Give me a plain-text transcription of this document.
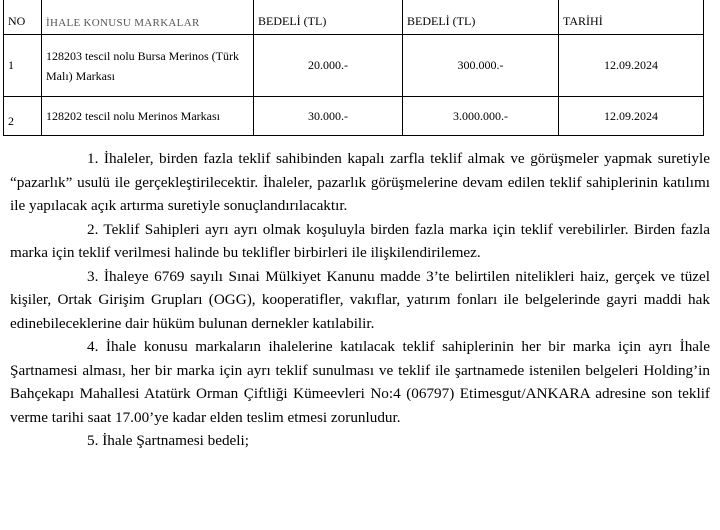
NO	İHALE KONUSU MARKALAR	BEDELİ (TL)	BEDELİ (TL)	TARİHİ
1	128203 tescil nolu Bursa Merinos (Türk Malı) Markası	20.000.-	300.000.-	12.09.2024
2	128202 tescil nolu Merinos Markası	30.000.-	3.000.000.-	12.09.2024

1. İhaleler, birden fazla teklif sahibinden kapalı zarfla teklif almak ve görüşmeler yapmak suretiyle “pazarlık” usulü ile gerçekleştirilecektir. İhaleler, pazarlık görüşmelerine devam edilen teklif sahiplerinin katılımı ile yapılacak açık artırma suretiyle sonuçlandırılacaktır.

2. Teklif Sahipleri ayrı ayrı olmak koşuluyla birden fazla marka için teklif verebilirler. Birden fazla marka için teklif verilmesi halinde bu teklifler birbirleri ile ilişkilendirilemez.

3. İhaleye 6769 sayılı Sınai Mülkiyet Kanunu madde 3’te belirtilen nitelikleri haiz, gerçek ve tüzel kişiler, Ortak Girişim Grupları (OGG), kooperatifler, vakıflar, yatırım fonları ile belgelerinde gayri maddi hak edinebileceklerine dair hüküm bulunan dernekler katılabilir.

4. İhale konusu markaların ihalelerine katılacak teklif sahiplerinin her bir marka için ayrı İhale Şartnamesi alması, her bir marka için ayrı teklif sunulması ve teklif ile şartnamede istenilen belgeleri Holding’in Bahçekapı Mahallesi Atatürk Orman Çiftliği Kümeevleri No:4 (06797) Etimesgut/ANKARA adresine son teklif verme tarihi saat 17.00’ye kadar elden teslim etmesi zorunludur.

5. İhale Şartnamesi bedeli;
